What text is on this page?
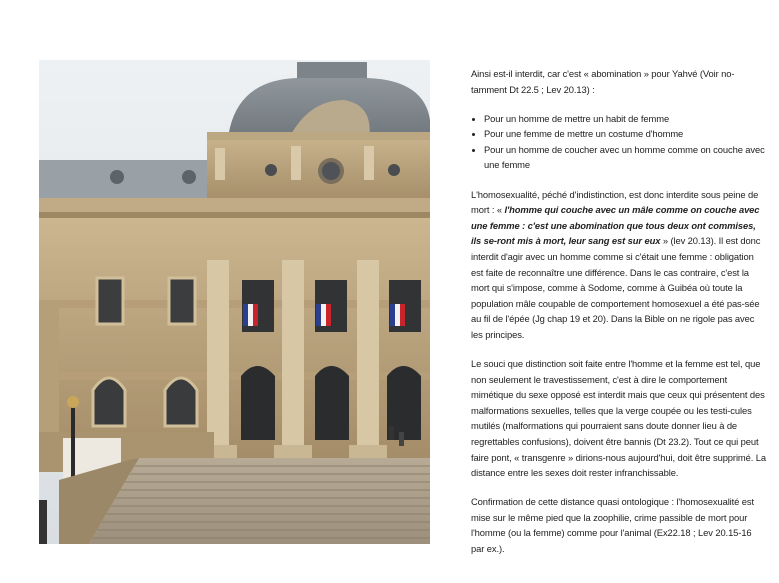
Ainsi est-il interdit, car c'est « abomination » pour Yahvé (Voir no-tamment Dt 22.5 ; Lev 20.13) :

• Pour un homme de mettre un habit de femme
• Pour une femme de mettre un costume d'homme
• Pour un homme de coucher avec un homme comme on couche avec une femme

L'homosexualité, péché d'indistinction, est donc interdite sous peine de mort : « l'homme qui couche avec un mâle comme on couche avec une femme : c'est une abomination que tous deux ont commises, ils se-ront mis à mort, leur sang est sur eux » (lev 20.13). Il est donc interdit d'agir avec un homme comme si c'était une femme : obligation est faite de reconnaître une différence. Dans le cas contraire, c'est la mort qui s'impose, comme à Sodome, comme à Guibéa où toute la population mâle coupable de comportement homosexuel a été pas-sée au fil de l'épée (Jg chap 19 et 20). Dans la Bible on ne rigole pas avec les principes.

Le souci que distinction soit faite entre l'homme et la femme est tel, que non seulement le travestissement, c'est à dire le comportement mimétique du sexe opposé est interdit mais que ceux qui présentent des malformations sexuelles, telles que la verge coupée ou les testi-cules mutilés (malformations qui pourraient sans doute donner lieu à de regrettables confusions), doivent être bannis (Dt 23.2). Tout ce qui peut faire pont, « transgenre » dirions-nous aujourd'hui, doit être supprimé. La distance entre les sexes doit rester infranchissable.

Confirmation de cette distance quasi ontologique : l'homosexualité est mise sur le même pied que la zoophilie, crime passible de mort pour l'homme (ou la femme) comme pour l'animal (Ex22.18 ; Lev 20.15-16 par ex.).
